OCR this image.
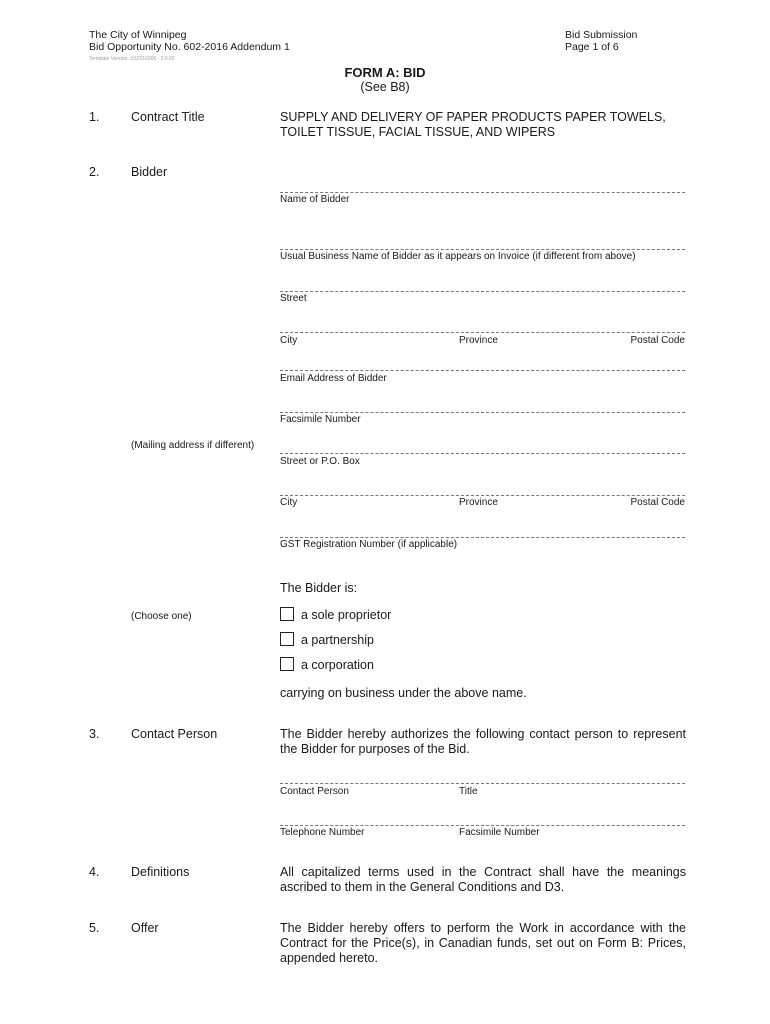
The City of Winnipeg
Bid Opportunity No. 602-2016 Addendum 1
Template Version: SS2016006 - 2.0.02
Bid Submission
Page 1 of 6
FORM A: BID
(See B8)
1.	Contract Title	SUPPLY AND DELIVERY OF PAPER PRODUCTS PAPER TOWELS,
TOILET TISSUE, FACIAL TISSUE, AND WIPERS
2.	Bidder
Name of Bidder
Usual Business Name of Bidder as it appears on Invoice (if different from above)
Street
City	Province	Postal Code
Email Address of Bidder
Facsimile Number
(Mailing address if different)
Street or P.O. Box
City	Province	Postal Code
GST Registration Number (if applicable)
The Bidder is:
(Choose one)	a sole proprietor
a partnership
a corporation
carrying on business under the above name.
3.	Contact Person	The Bidder hereby authorizes the following contact person to represent the Bidder for purposes of the Bid.
Contact Person	Title
Telephone Number	Facsimile Number
4.	Definitions	All capitalized terms used in the Contract shall have the meanings ascribed to them in the General Conditions and D3.
5.	Offer	The Bidder hereby offers to perform the Work in accordance with the Contract for the Price(s), in Canadian funds, set out on Form B: Prices, appended hereto.
